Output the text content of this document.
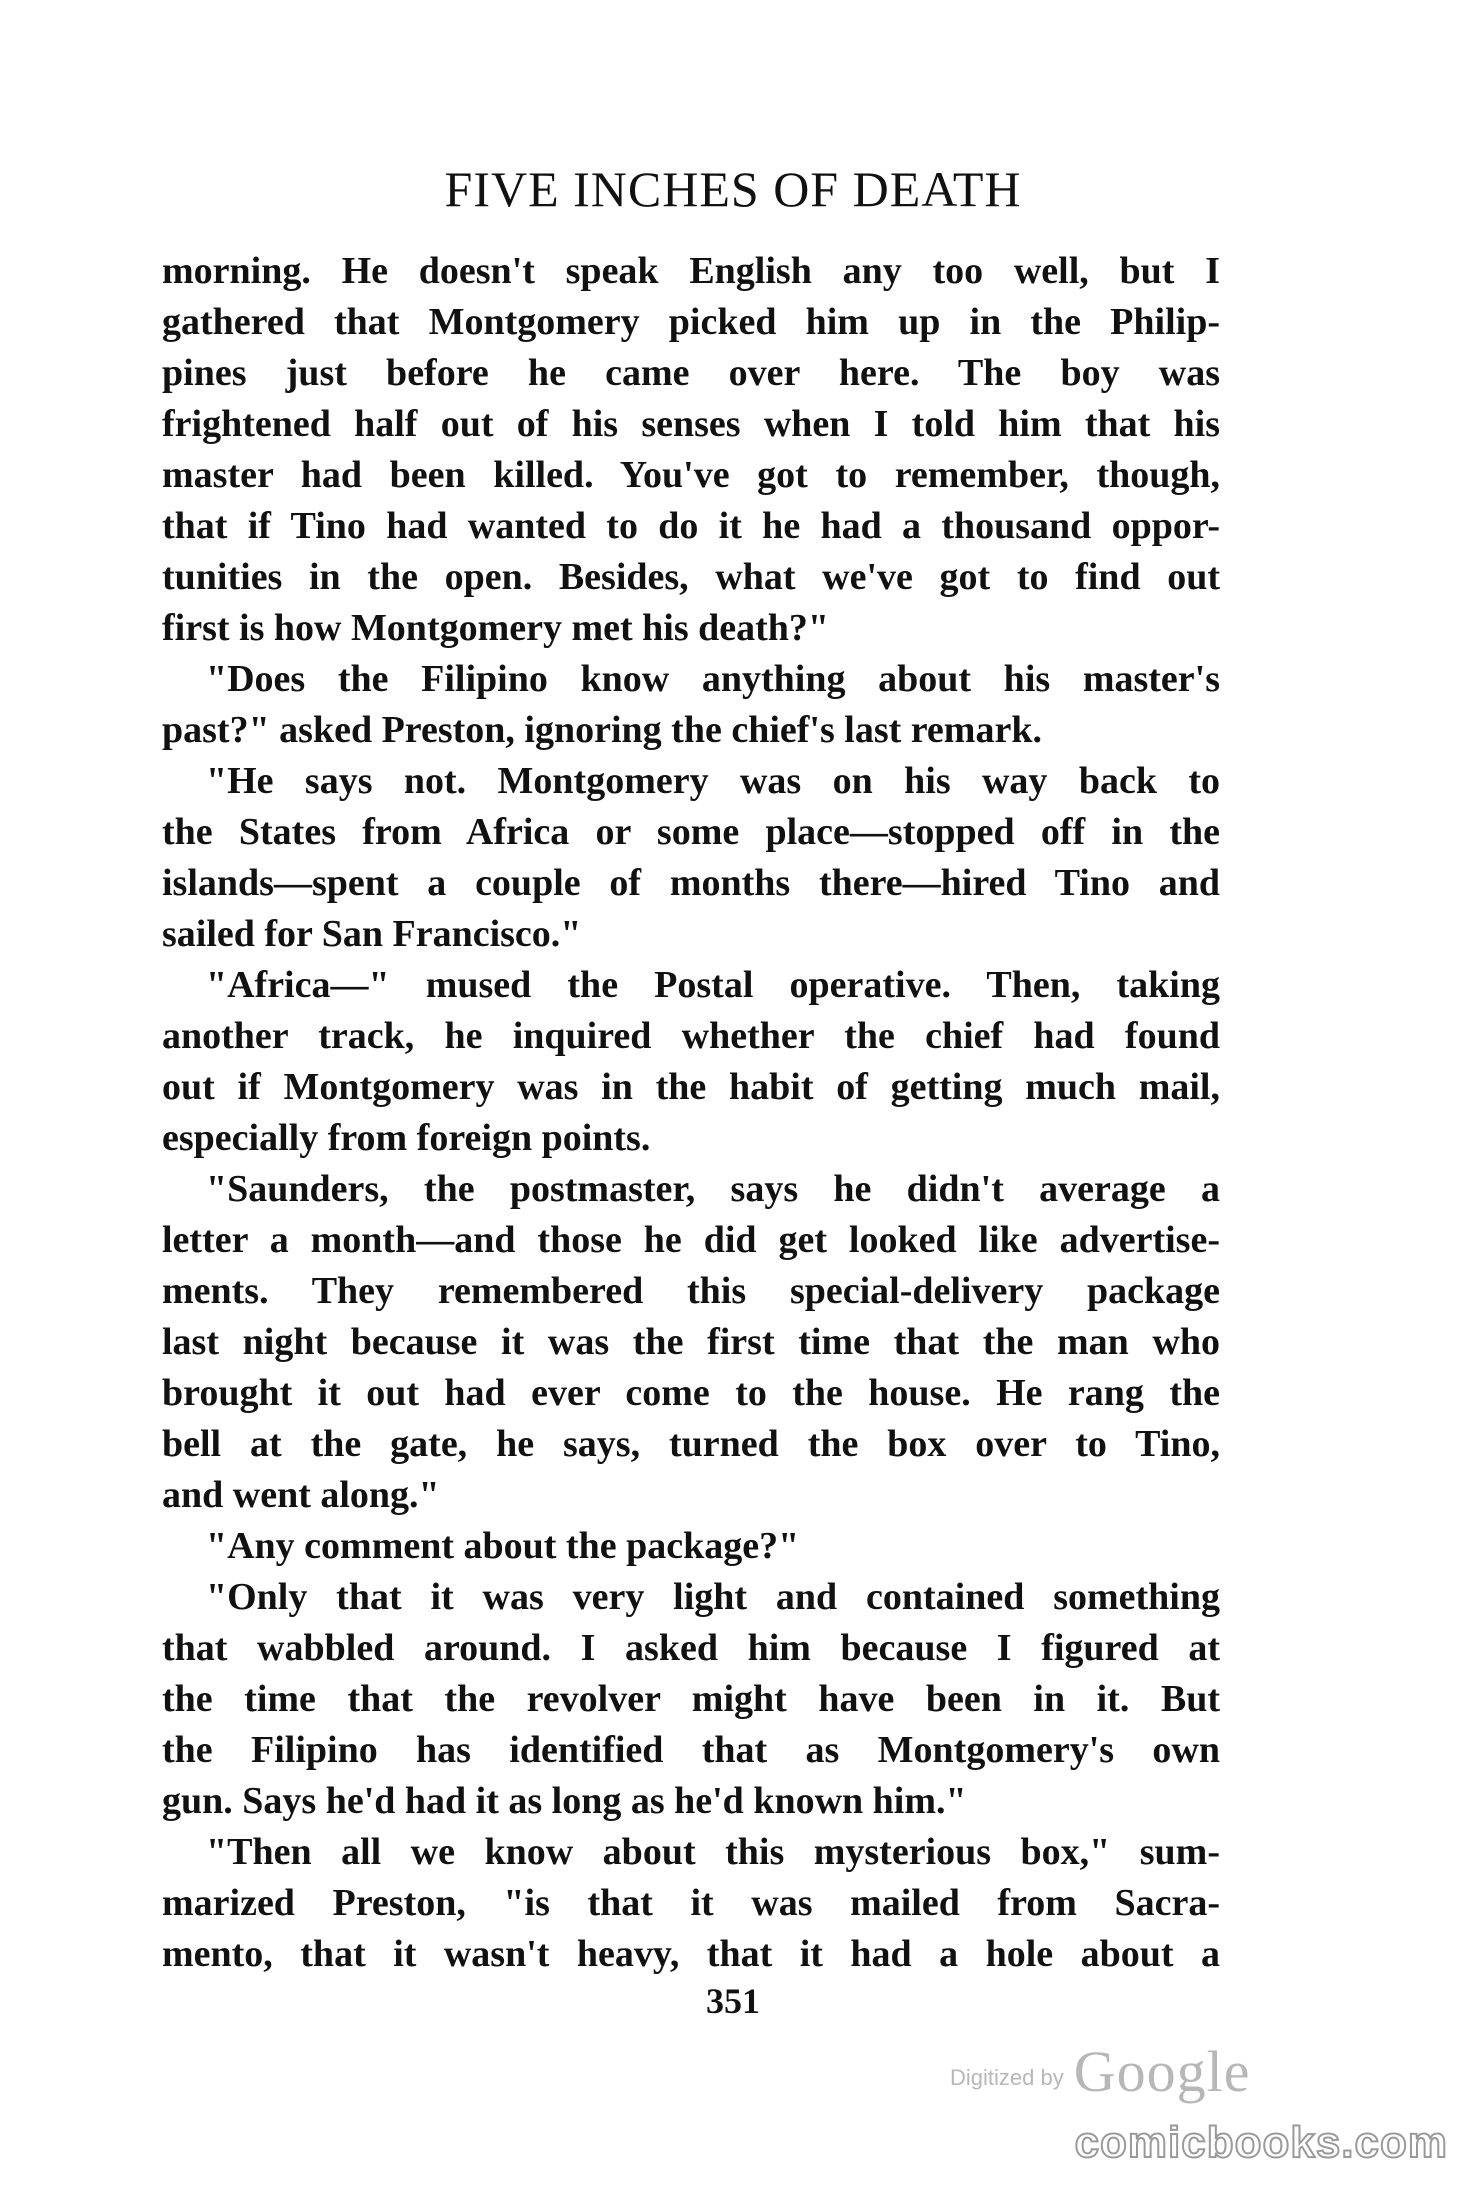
FIVE INCHES OF DEATH
morning. He doesn't speak English any too well, but I
gathered that Montgomery picked him up in the Philip-
pines just before he came over here. The boy was
frightened half out of his senses when I told him that his
master had been killed. You've got to remember, though,
that if Tino had wanted to do it he had a thousand oppor-
tunities in the open. Besides, what we've got to find out
first is how Montgomery met his death?"
"Does the Filipino know anything about his master's
past?" asked Preston, ignoring the chief's last remark.
"He says not. Montgomery was on his way back to
the States from Africa or some place—stopped off in the
islands—spent a couple of months there—hired Tino and
sailed for San Francisco."
"Africa—" mused the Postal operative. Then, taking
another track, he inquired whether the chief had found
out if Montgomery was in the habit of getting much mail,
especially from foreign points.
"Saunders, the postmaster, says he didn't average a
letter a month—and those he did get looked like advertise-
ments. They remembered this special-delivery package
last night because it was the first time that the man who
brought it out had ever come to the house. He rang the
bell at the gate, he says, turned the box over to Tino,
and went along."
"Any comment about the package?"
"Only that it was very light and contained something
that wabbled around. I asked him because I figured at
the time that the revolver might have been in it. But
the Filipino has identified that as Montgomery's own
gun. Says he'd had it as long as he'd known him."
"Then all we know about this mysterious box," sum-
marized Preston, "is that it was mailed from Sacra-
mento, that it wasn't heavy, that it had a hole about a
351
Digitized by Google
comicbooks.com
